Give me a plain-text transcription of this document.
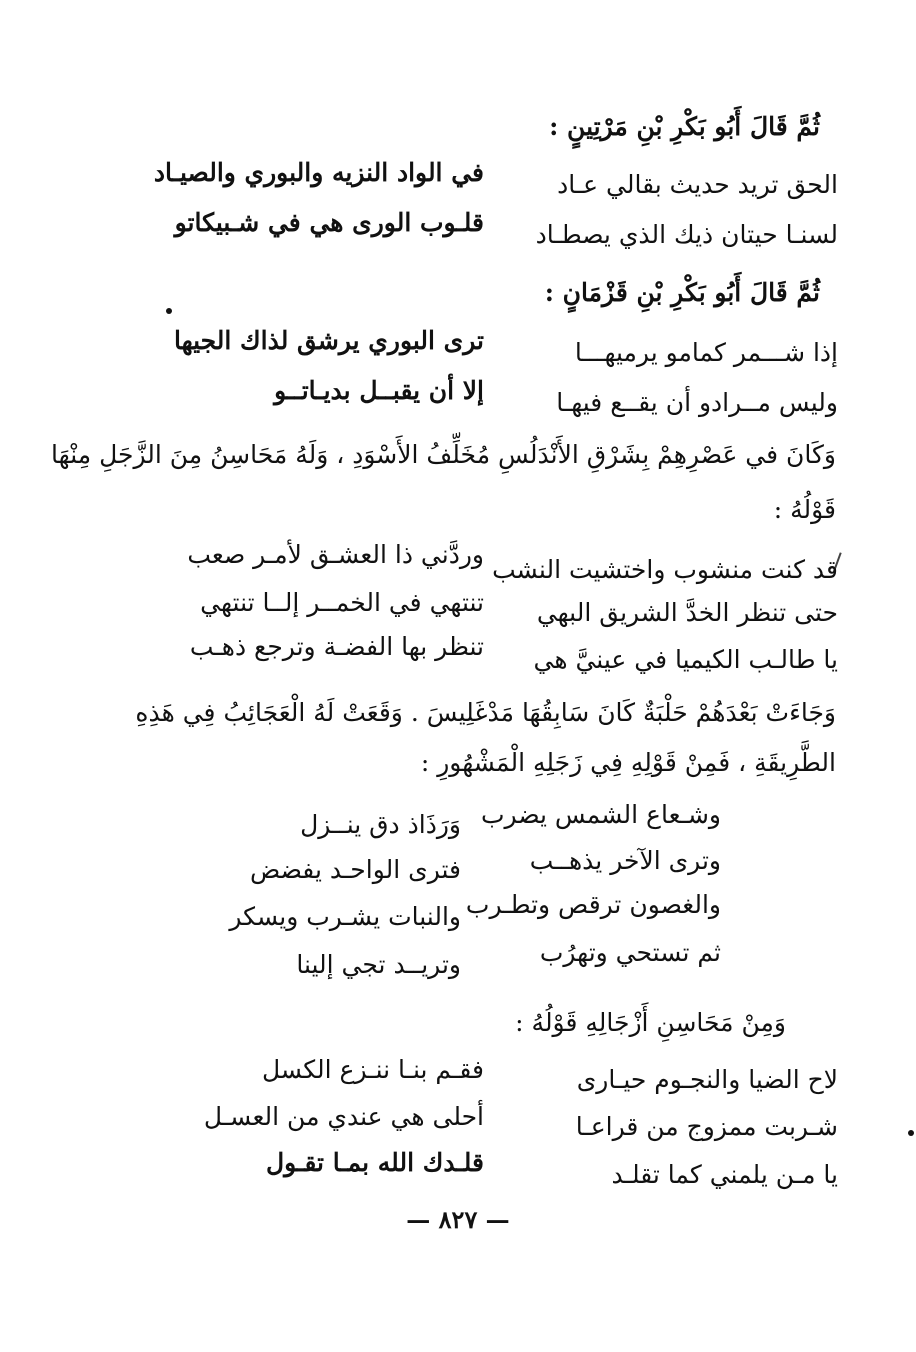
ثُمَّ قَالَ أَبُو بَكْرِ بْنِ مَرْتِينٍ :
الحق تريد حديث بقالي عـاد
في الواد النزيه والبوري والصيـاد
لسنـا حيتان ذيك الذي يصطـاد
قلـوب الورى هي في شـبيكاتو
ثُمَّ قَالَ أَبُو بَكْرِ بْنِ قَزْمَانٍ :
إذا شـــمر كمامو يرميهـــا
ترى البوري يرشق لذاك الجيها
وليس مــرادو أن يقــع فيهـا
إلا أن يقبــل بديـاتــو
وَكَانَ في عَصْرِهِمْ بِشَرْقِ الأَنْدَلُسِ مُخَلِّفُ الأَسْوَدِ ، وَلَهُ مَحَاسِنُ مِنَ الزَّجَلِ مِنْهَا
قَوْلُهُ :
قد كنت منشوب واختشيت النشب
وردَّني ذا العشـق لأمـر صعب
حتى تنظر الخدَّ الشريق البهي
تنتهي في الخمــر إلــا تنتهي
يا طالـب الكيميا في عينيَّ هي
تنظر بها الفضـة وترجع ذهـب
وَجَاءَتْ بَعْدَهُمْ حَلْبَةٌ كَانَ سَابِقُهَا مَدْغَلِيسَ . وَقَعَتْ لَهُ الْعَجَائِبُ فِي هَذِهِ
الطَّرِيقَةِ ، فَمِنْ قَوْلِهِ فِي زَجَلِهِ الْمَشْهُورِ :
وَرَذَاذ دق ينــزل وشـعاع الشمس يضرب
فترى الواحـد يفضض	وترى الآخر يذهــب
والنبات يشـرب ويسكر والغصون ترقص وتطـرب
وتريــد تجي إلينا	ثم تستحي وتهرُب
وَمِنْ مَحَاسِنِ أَزْجَالِهِ قَوْلُهُ :
لاح الضيا والنجـوم حيـارى
فقـم بنـا ننـزع الكسل
شـربت ممزوج من قراعـا
أحلى هي عندي من العسـل
يا مـن يلمني كما تقلـد
قلـدك الله بمـا تقـول
— ٨٢٧ —
